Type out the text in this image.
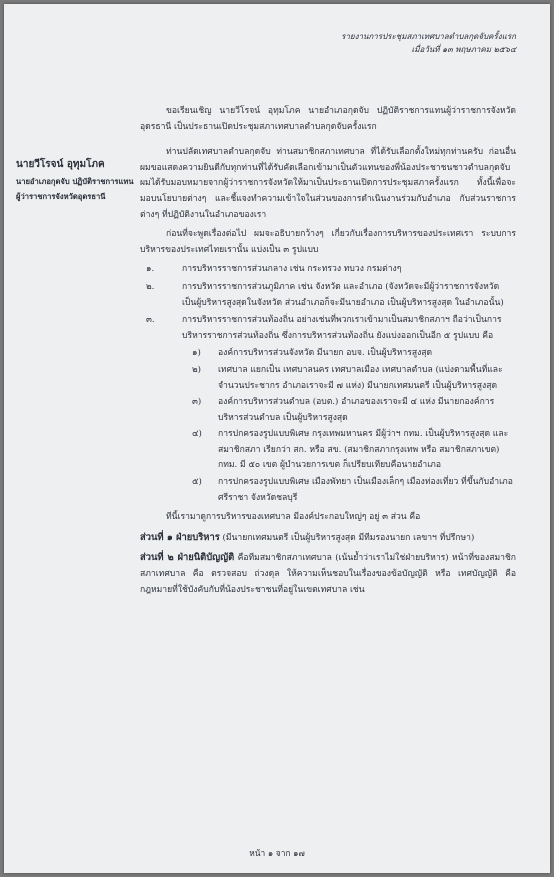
รายงานการประชุมสภาเทศบาลตำบลกุดจับครั้งแรก
เมื่อวันที่ ๑๓ พฤษภาคม ๒๕๖๔
นายวีโรจน์ อุทุมโภค
นายอำเภอกุดจับ ปฏิบัติราชการแทน
ผู้ว่าราชการจังหวัดอุดรธานี

ขอเรียนเชิญ นายวีโรจน์ อุทุมโภค นายอำเภอกุดจับ ปฏิบัติราชการแทนผู้ว่าราชการจังหวัดอุดรธานี เป็นประธานเปิดประชุมสภาเทศบาลตำบลกุดจับครั้งแรก

ท่านปลัดเทศบาลตำบลกุดจับ ท่านสมาชิกสภาเทศบาล ที่ได้รับเลือกตั้งใหม่ทุกท่านครับ ก่อนอื่นผมขอแสดงความยินดีกับทุกท่านที่ได้รับคัดเลือกเข้ามาเป็นตัวแทนของพี่น้องประชาชนชาวตำบลกุดจับ ผมได้รับมอบหมายจากผู้ว่าราชการจังหวัดให้มาเป็นประธานเปิดการประชุมสภาครั้งแรก ทั้งนี้เพื่อจะมอบนโยบายต่างๆ และชี้แจงทำความเข้าใจในส่วนของการดำเนินงานร่วมกับอำเภอ กับส่วนราชการต่างๆ ที่ปฏิบัติงานในอำเภอของเรา

ก่อนที่จะพูดเรื่องต่อไป ผมจะอธิบายกว้างๆ เกี่ยวกับเรื่องการบริหารของประเทศเรา ระบบการบริหารของประเทศไทยเรานั้น แบ่งเป็น ๓ รูปแบบ

๑.	การบริหารราชการส่วนกลาง เช่น กระทรวง ทบวง กรมต่างๆ
๒.	การบริหารราชการส่วนภูมิภาค เช่น จังหวัด และอำเภอ (จังหวัดจะมีผู้ว่าราชการจังหวัด เป็นผู้บริหารสูงสุดในจังหวัด ส่วนอำเภอก็จะมีนายอำเภอ เป็นผู้บริหารสูงสุด ในอำเภอนั้น)
๓.	การบริหารราชการส่วนท้องถิ่น อย่างเช่นที่พวกเราเข้ามาเป็นสมาชิกสภาฯ ถือว่าเป็นการบริหารราชการส่วนท้องถิ่น ซึ่งการบริหารส่วนท้องถิ่น ยังแบ่งออกเป็นอีก ๕ รูปแบบ คือ
๑) องค์การบริหารส่วนจังหวัด มีนายก อบจ. เป็นผู้บริหารสูงสุด
๒) เทศบาล แยกเป็น เทศบาลนคร เทศบาลเมือง เทศบาลตำบล (แบ่งตามพื้นที่และจำนวนประชากร อำเภอเราจะมี ๗ แห่ง) มีนายกเทศมนตรี เป็นผู้บริหารสูงสุด
๓) องค์การบริหารส่วนตำบล (อบต.) อำเภอของเราจะมี ๔ แห่ง มีนายกองค์การบริหารส่วนตำบล เป็นผู้บริหารสูงสุด
๔) การปกครองรูปแบบพิเศษ กรุงเทพมหานคร มีผู้ว่าฯ กทม. เป็นผู้บริหารสูงสุด และสมาชิกสภา เรียกว่า สก. หรือ สข. (สมาชิกสภากรุงเทพ หรือ สมาชิกสภาเขต) กทม. มี ๕๐ เขต ผู้บำนวยการเขต ก็เปรียบเทียบคือนายอำเภอ
๕) การปกครองรูปแบบพิเศษ เมืองพัทยา เป็นเมืองเล็กๆ เมืองท่องเที่ยว ที่ขึ้นกับอำเภอศรีราชา จังหวัดชลบุรี

ทีนี้เรามาดูการบริหารของเทศบาล มีองค์ประกอบใหญ่ๆ อยู่ ๓ ส่วน คือ

ส่วนที่ ๑ ฝ่ายบริหาร (มีนายกเทศมนตรี เป็นผู้บริหารสูงสุด มีทีมรองนายก เลขาฯ ที่ปรึกษา)

ส่วนที่ ๒ ฝ่ายนิติบัญญัติ คือทีมสมาชิกสภาเทศบาล (เน้นย้ำว่าเราไม่ใช่ฝ่ายบริหาร) หน้าที่ของสมาชิกสภาเทศบาล คือ ตรวจสอบ ถ่วงดุล ให้ความเห็นชอบในเรื่องของข้อบัญญัติ หรือ เทศบัญญัติ คือ กฎหมายที่ใช้บังคับกับที่น้องประชาชนที่อยู่ในเขตเทศบาล เช่น

หน้า ๑ จาก ๑๗
